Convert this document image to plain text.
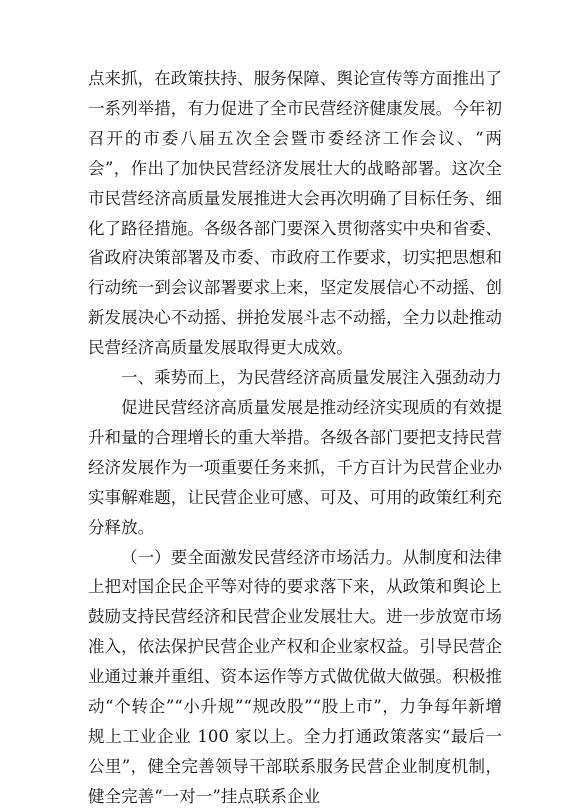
点来抓，在政策扶持、服务保障、舆论宣传等方面推出了一系列举措，有力促进了全市民营经济健康发展。今年初召开的市委八届五次全会暨市委经济工作会议、“两会”，作出了加快民营经济发展壮大的战略部署。这次全市民营经济高质量发展推进大会再次明确了目标任务、细化了路径措施。各级各部门要深入贯彻落实中央和省委、省政府决策部署及市委、市政府工作要求，切实把思想和行动统一到会议部署要求上来，坚定发展信心不动摇、创新发展决心不动摇、拼抢发展斗志不动摇，全力以赴推动民营经济高质量发展取得更大成效。

一、乘势而上，为民营经济高质量发展注入强劲动力

促进民营经济高质量发展是推动经济实现质的有效提升和量的合理增长的重大举措。各级各部门要把支持民营经济发展作为一项重要任务来抓，千方百计为民营企业办实事解难题，让民营企业可感、可及、可用的政策红利充分释放。

（一）要全面激发民营经济市场活力。从制度和法律上把对国企民企平等对待的要求落下来，从政策和舆论上鼓励支持民营经济和民营企业发展壮大。进一步放宽市场准入，依法保护民营企业产权和企业家权益。引导民营企业通过兼并重组、资本运作等方式做优做大做强。积极推动“个转企”“小升规”“规改股”“股上市”，力争每年新增规上工业企业 100 家以上。全力打通政策落实“最后一公里”，健全完善领导干部联系服务民营企业制度机制，健全完善“一对一”挂点联系企业
